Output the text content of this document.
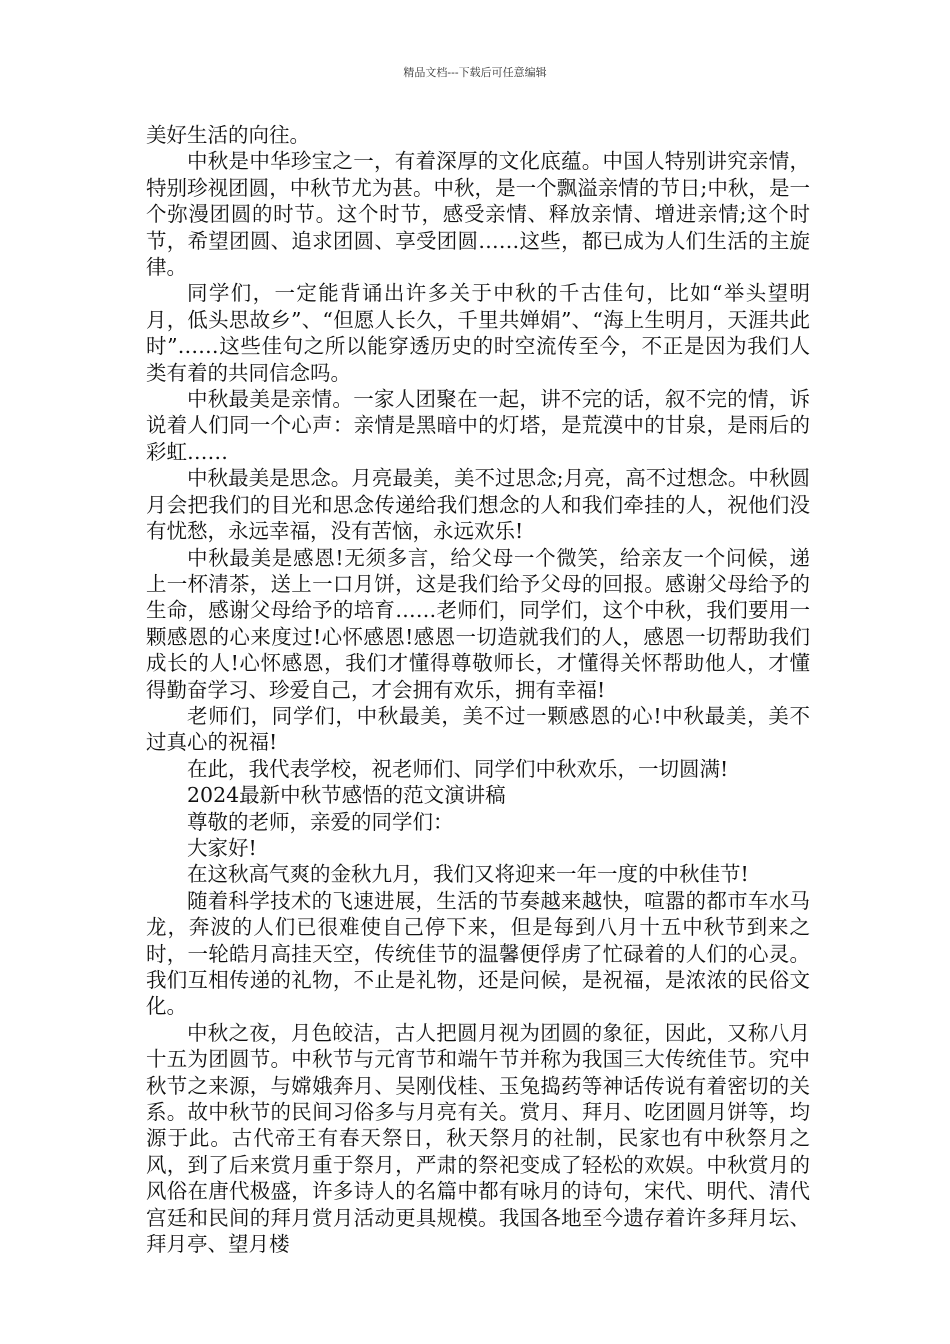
精品文档---下载后可任意编辑

美好生活的向往。

中秋是中华珍宝之一，有着深厚的文化底蕴。中国人特别讲究亲情，特别珍视团圆，中秋节尤为甚。中秋，是一个飘溢亲情的节日;中秋，是一个弥漫团圆的时节。这个时节，感受亲情、释放亲情、增进亲情;这个时节，希望团圆、追求团圆、享受团圆……这些，都已成为人们生活的主旋律。

同学们，一定能背诵出许多关于中秋的千古佳句，比如“举头望明月，低头思故乡”、“但愿人长久，千里共婵娟”、“海上生明月，天涯共此时”……这些佳句之所以能穿透历史的时空流传至今，不正是因为我们人类有着的共同信念吗。

中秋最美是亲情。一家人团聚在一起，讲不完的话，叙不完的情，诉说着人们同一个心声：亲情是黑暗中的灯塔，是荒漠中的甘泉，是雨后的彩虹……

中秋最美是思念。月亮最美，美不过思念;月亮，高不过想念。中秋圆月会把我们的目光和思念传递给我们想念的人和我们牵挂的人，祝他们没有忧愁，永远幸福，没有苦恼，永远欢乐!

中秋最美是感恩!无须多言，给父母一个微笑，给亲友一个问候，递上一杯清茶，送上一口月饼，这是我们给予父母的回报。感谢父母给予的生命，感谢父母给予的培育……老师们，同学们，这个中秋，我们要用一颗感恩的心来度过!心怀感恩!感恩一切造就我们的人，感恩一切帮助我们成长的人!心怀感恩，我们才懂得尊敬师长，才懂得关怀帮助他人，才懂得勤奋学习、珍爱自己，才会拥有欢乐，拥有幸福!

老师们，同学们，中秋最美，美不过一颗感恩的心!中秋最美，美不过真心的祝福!

在此，我代表学校，祝老师们、同学们中秋欢乐，一切圆满!

2024最新中秋节感悟的范文演讲稿

尊敬的老师，亲爱的同学们：

大家好!

在这秋高气爽的金秋九月，我们又将迎来一年一度的中秋佳节!

随着科学技术的飞速进展，生活的节奏越来越快，喧嚣的都市车水马龙，奔波的人们已很难使自己停下来，但是每到八月十五中秋节到来之时，一轮皓月高挂天空，传统佳节的温馨便俘虏了忙碌着的人们的心灵。我们互相传递的礼物，不止是礼物，还是问候，是祝福，是浓浓的民俗文化。

中秋之夜，月色皎洁，古人把圆月视为团圆的象征，因此，又称八月十五为团圆节。中秋节与元宵节和端午节并称为我国三大传统佳节。究中秋节之来源，与嫦娥奔月、吴刚伐桂、玉兔捣药等神话传说有着密切的关系。故中秋节的民间习俗多与月亮有关。赏月、拜月、吃团圆月饼等，均源于此。古代帝王有春天祭日，秋天祭月的社制，民家也有中秋祭月之风，到了后来赏月重于祭月，严肃的祭祀变成了轻松的欢娱。中秋赏月的风俗在唐代极盛，许多诗人的名篇中都有咏月的诗句，宋代、明代、清代宫廷和民间的拜月赏月活动更具规模。我国各地至今遗存着许多拜月坛、拜月亭、望月楼
